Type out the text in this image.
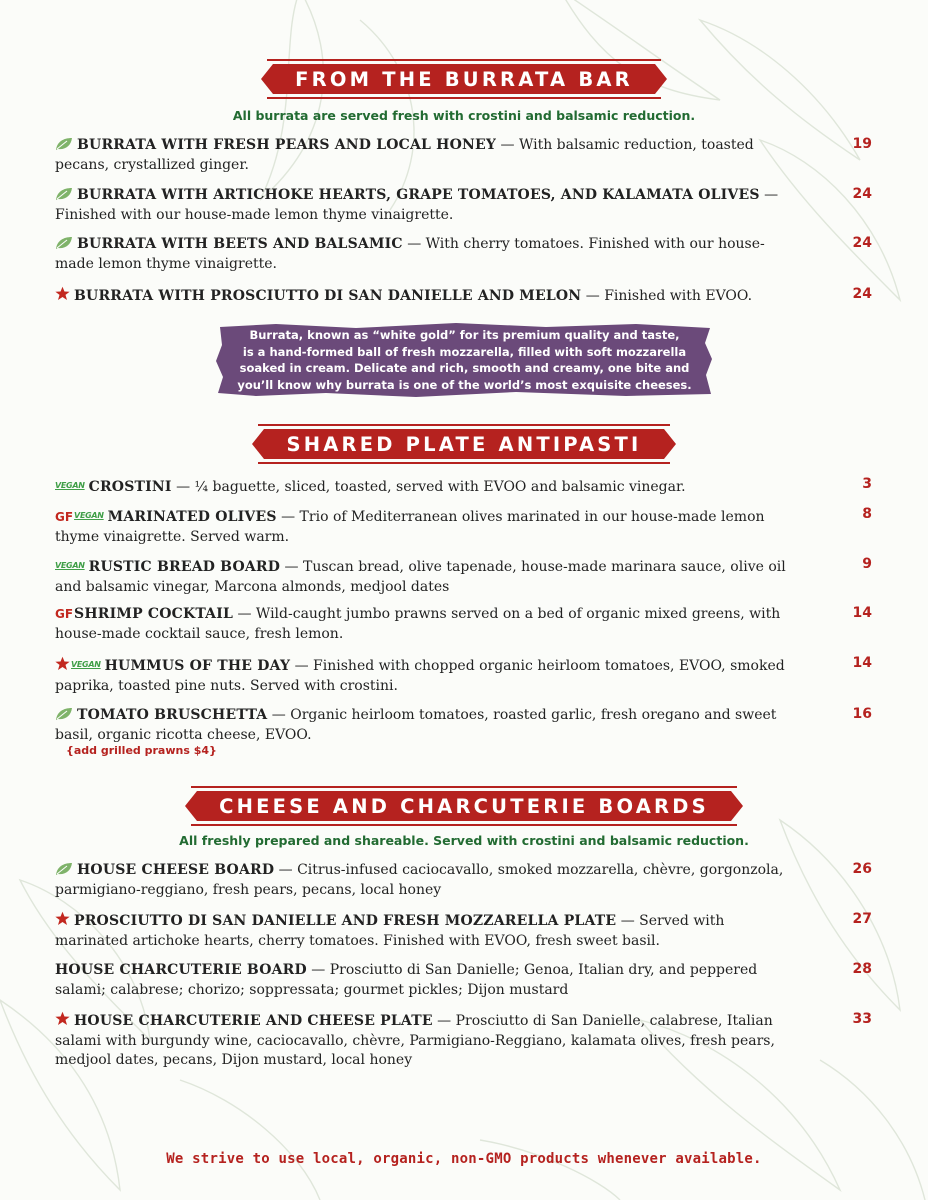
FROM THE BURRATA BAR
All burrata are served fresh with crostini and balsamic reduction.
BURRATA WITH FRESH PEARS AND LOCAL HONEY — With balsamic reduction, toasted pecans, crystallized ginger.
19
BURRATA WITH ARTICHOKE HEARTS, GRAPE TOMATOES, AND KALAMATA OLIVES — Finished with our house-made lemon thyme vinaigrette.
24
BURRATA WITH BEETS AND BALSAMIC — With cherry tomatoes. Finished with our house-made lemon thyme vinaigrette.
24
BURRATA WITH PROSCIUTTO DI SAN DANIELLE AND MELON — Finished with EVOO.	24
Burrata, known as “white gold” for its premium quality and taste,
is a hand-formed ball of fresh mozzarella, filled with soft mozzarella
soaked in cream. Delicate and rich, smooth and creamy, one bite and
you’ll know why burrata is one of the world’s most exquisite cheeses.
SHARED PLATE ANTIPASTI
VEGAN CROSTINI — ¼ baguette, sliced, toasted, served with EVOO and balsamic vinegar.	3
GFVEGAN MARINATED OLIVES — Trio of Mediterranean olives marinated in our house-made lemon thyme vinaigrette. Served warm.
8
VEGAN RUSTIC BREAD BOARD — Tuscan bread, olive tapenade, house-made marinara sauce, olive oil and balsamic vinegar, Marcona almonds, medjool dates
9
GFSHRIMP COCKTAIL — Wild-caught jumbo prawns served on a bed of organic mixed greens, with house-made cocktail sauce, fresh lemon.
14
VEGAN HUMMUS OF THE DAY — Finished with chopped organic heirloom tomatoes, EVOO, smoked paprika, toasted pine nuts. Served with crostini.
14
TOMATO BRUSCHETTA — Organic heirloom tomatoes, roasted garlic, fresh oregano and sweet basil, organic ricotta cheese, EVOO.
16
{add grilled prawns $4}
CHEESE AND CHARCUTERIE BOARDS
All freshly prepared and shareable. Served with crostini and balsamic reduction.
HOUSE CHEESE BOARD — Citrus-infused caciocavallo, smoked mozzarella, chèvre, gorgonzola, parmigiano-reggiano, fresh pears, pecans, local honey
26
PROSCIUTTO DI SAN DANIELLE AND FRESH MOZZARELLA PLATE — Served with marinated artichoke hearts, cherry tomatoes. Finished with EVOO, fresh sweet basil.
27
HOUSE CHARCUTERIE BOARD — Prosciutto di San Danielle; Genoa, Italian dry, and peppered salami; calabrese; chorizo; soppressata; gourmet pickles; Dijon mustard
28
HOUSE CHARCUTERIE AND CHEESE PLATE — Prosciutto di San Danielle, calabrese, Italian salami with burgundy wine, caciocavallo, chèvre, Parmigiano-Reggiano, kalamata olives, fresh pears, medjool dates, pecans, Dijon mustard, local honey
33
We strive to use local, organic, non-GMO products whenever available.
